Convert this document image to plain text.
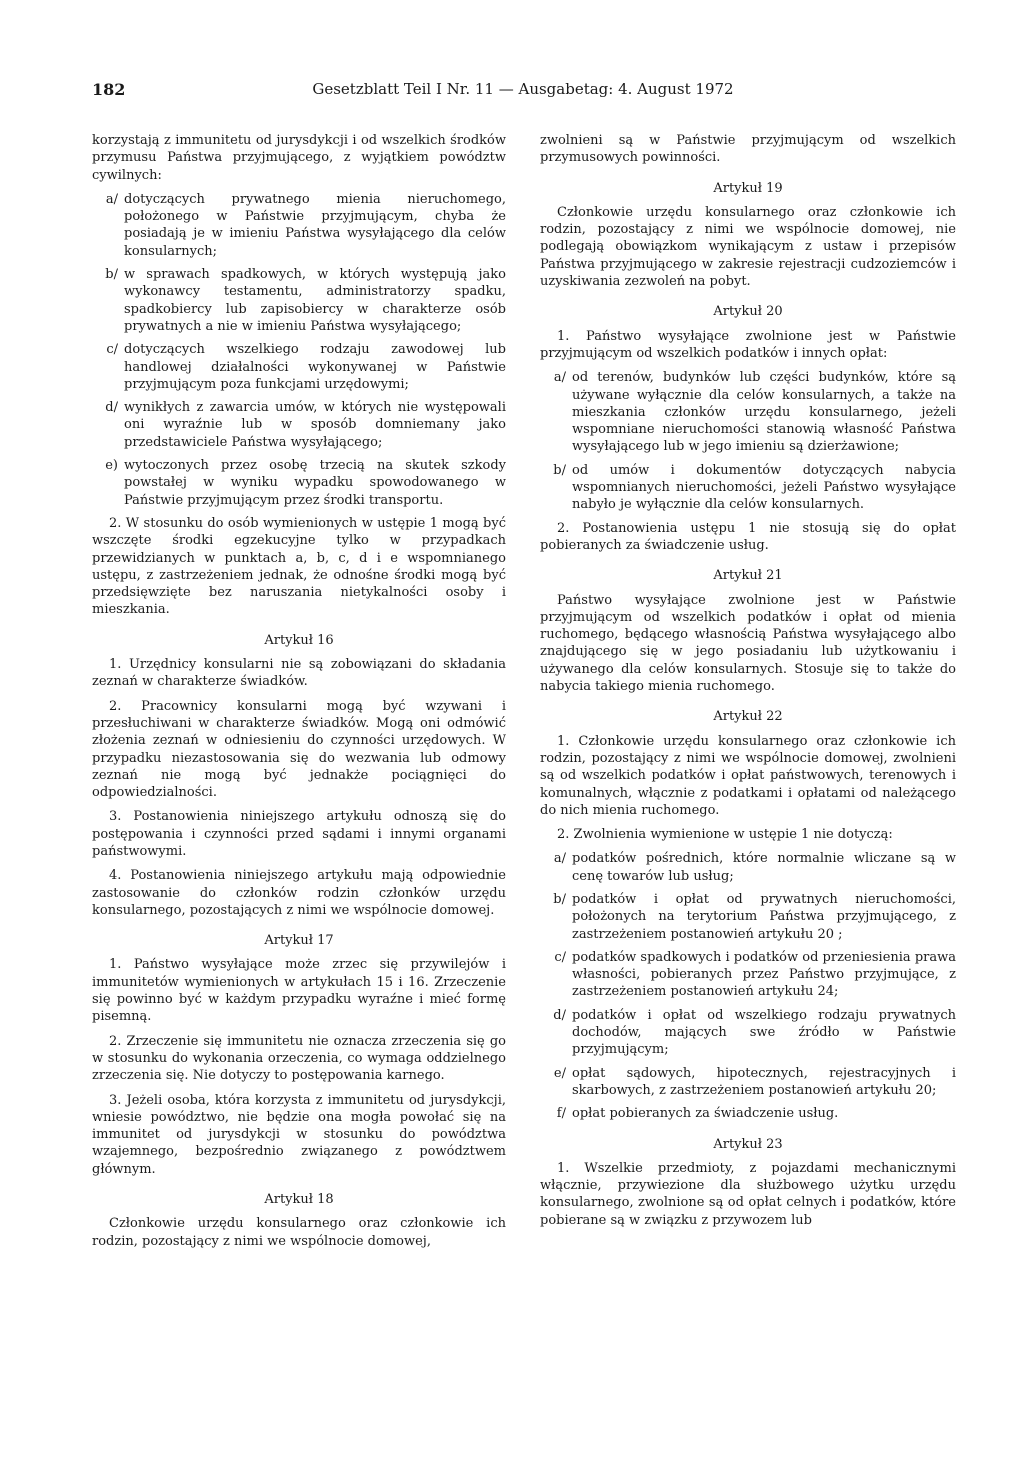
182	Gesetzblatt Teil I Nr. 11 — Ausgabetag: 4. August 1972

korzystają z immunitetu od jurysdykcji i od wszelkich środków przymusu Państwa przyjmującego, z wyjątkiem powództw cywilnych:

a/ dotyczących prywatnego mienia nieruchomego, położonego w Państwie przyjmującym, chyba że posiadają je w imieniu Państwa wysyłającego dla celów konsularnych;
b/ w sprawach spadkowych, w których występują jako wykonawcy testamentu, administratorzy spadku, spadkobiercy lub zapisobiercy w charakterze osób prywatnych a nie w imieniu Państwa wysyłającego;
c/ dotyczących wszelkiego rodzaju zawodowej lub handlowej działalności wykonywanej w Państwie przyjmującym poza funkcjami urzędowymi;
d/ wynikłych z zawarcia umów, w których nie występowali oni wyraźnie lub w sposób domniemany jako przedstawiciele Państwa wysyłającego;
e) wytoczonych przez osobę trzecią na skutek szkody powstałej w wyniku wypadku spowodowanego w Państwie przyjmującym przez środki transportu.

2. W stosunku do osób wymienionych w ustępie 1 mogą być wszczęte środki egzekucyjne tylko w przypadkach przewidzianych w punktach a, b, c, d i e wspomnianego ustępu, z zastrzeżeniem jednak, że odnośne środki mogą być przedsięwzięte bez naruszania nietykalności osoby i mieszkania.

Artykuł 16

1. Urzędnicy konsularni nie są zobowiązani do składania zeznań w charakterze świadków.

2. Pracownicy konsularni mogą być wzywani i przesłuchiwani w charakterze świadków. Mogą oni odmówić złożenia zeznań w odniesieniu do czynności urzędowych. W przypadku niezastosowania się do wezwania lub odmowy zeznań nie mogą być jednakże pociągnięci do odpowiedzialności.

3. Postanowienia niniejszego artykułu odnoszą się do postępowania i czynności przed sądami i innymi organami państwowymi.

4. Postanowienia niniejszego artykułu mają odpowiednie zastosowanie do członków rodzin członków urzędu konsularnego, pozostających z nimi we wspólnocie domowej.

Artykuł 17

1. Państwo wysyłające może zrzec się przywilejów i immunitetów wymienionych w artykułach 15 i 16. Zrzeczenie się powinno być w każdym przypadku wyraźne i mieć formę pisemną.

2. Zrzeczenie się immunitetu nie oznacza zrzeczenia się go w stosunku do wykonania orzeczenia, co wymaga oddzielnego zrzeczenia się. Nie dotyczy to postępowania karnego.

3. Jeżeli osoba, która korzysta z immunitetu od jurysdykcji, wniesie powództwo, nie będzie ona mogła powołać się na immunitet od jurysdykcji w stosunku do powództwa wzajemnego, bezpośrednio związanego z powództwem głównym.

Artykuł 18

Członkowie urzędu konsularnego oraz członkowie ich rodzin, pozostający z nimi we wspólnocie domowej,

zwolnieni są w Państwie przyjmującym od wszelkich przymusowych powinności.

Artykuł 19

Członkowie urzędu konsularnego oraz członkowie ich rodzin, pozostający z nimi we wspólnocie domowej, nie podlegają obowiązkom wynikającym z ustaw i przepisów Państwa przyjmującego w zakresie rejestracji cudzoziemców i uzyskiwania zezwoleń na pobyt.

Artykuł 20

1. Państwo wysyłające zwolnione jest w Państwie przyjmującym od wszelkich podatków i innych opłat:

a/ od terenów, budynków lub części budynków, które są używane wyłącznie dla celów konsularnych, a także na mieszkania członków urzędu konsularnego, jeżeli wspomniane nieruchomości stanowią własność Państwa wysyłającego lub w jego imieniu są dzierżawione;
b/ od umów i dokumentów dotyczących nabycia wspomnianych nieruchomości, jeżeli Państwo wysyłające nabyło je wyłącznie dla celów konsularnych.

2. Postanowienia ustępu 1 nie stosują się do opłat pobieranych za świadczenie usług.

Artykuł 21

Państwo wysyłające zwolnione jest w Państwie przyjmującym od wszelkich podatków i opłat od mienia ruchomego, będącego własnością Państwa wysyłającego albo znajdującego się w jego posiadaniu lub użytkowaniu i używanego dla celów konsularnych. Stosuje się to także do nabycia takiego mienia ruchomego.

Artykuł 22

1. Członkowie urzędu konsularnego oraz członkowie ich rodzin, pozostający z nimi we wspólnocie domowej, zwolnieni są od wszelkich podatków i opłat państwowych, terenowych i komunalnych, włącznie z podatkami i opłatami od należącego do nich mienia ruchomego.

2. Zwolnienia wymienione w ustępie 1 nie dotyczą:

a/ podatków pośrednich, które normalnie wliczane są w cenę towarów lub usług;
b/ podatków i opłat od prywatnych nieruchomości, położonych na terytorium Państwa przyjmującego, z zastrzeżeniem postanowień artykułu 20 ;
c/ podatków spadkowych i podatków od przeniesienia prawa własności, pobieranych przez Państwo przyjmujące, z zastrzeżeniem postanowień artykułu 24;
d/ podatków i opłat od wszelkiego rodzaju prywatnych dochodów, mających swe źródło w Państwie przyjmującym;
e/ opłat sądowych, hipotecznych, rejestracyjnych i skarbowych, z zastrzeżeniem postanowień artykułu 20;
f/ opłat pobieranych za świadczenie usług.
Artykuł 23

1. Wszelkie przedmioty, z pojazdami mechanicznymi włącznie, przywiezione dla służbowego użytku urzędu konsularnego, zwolnione są od opłat celnych i podatków, które pobierane są w związku z przywozem lub
